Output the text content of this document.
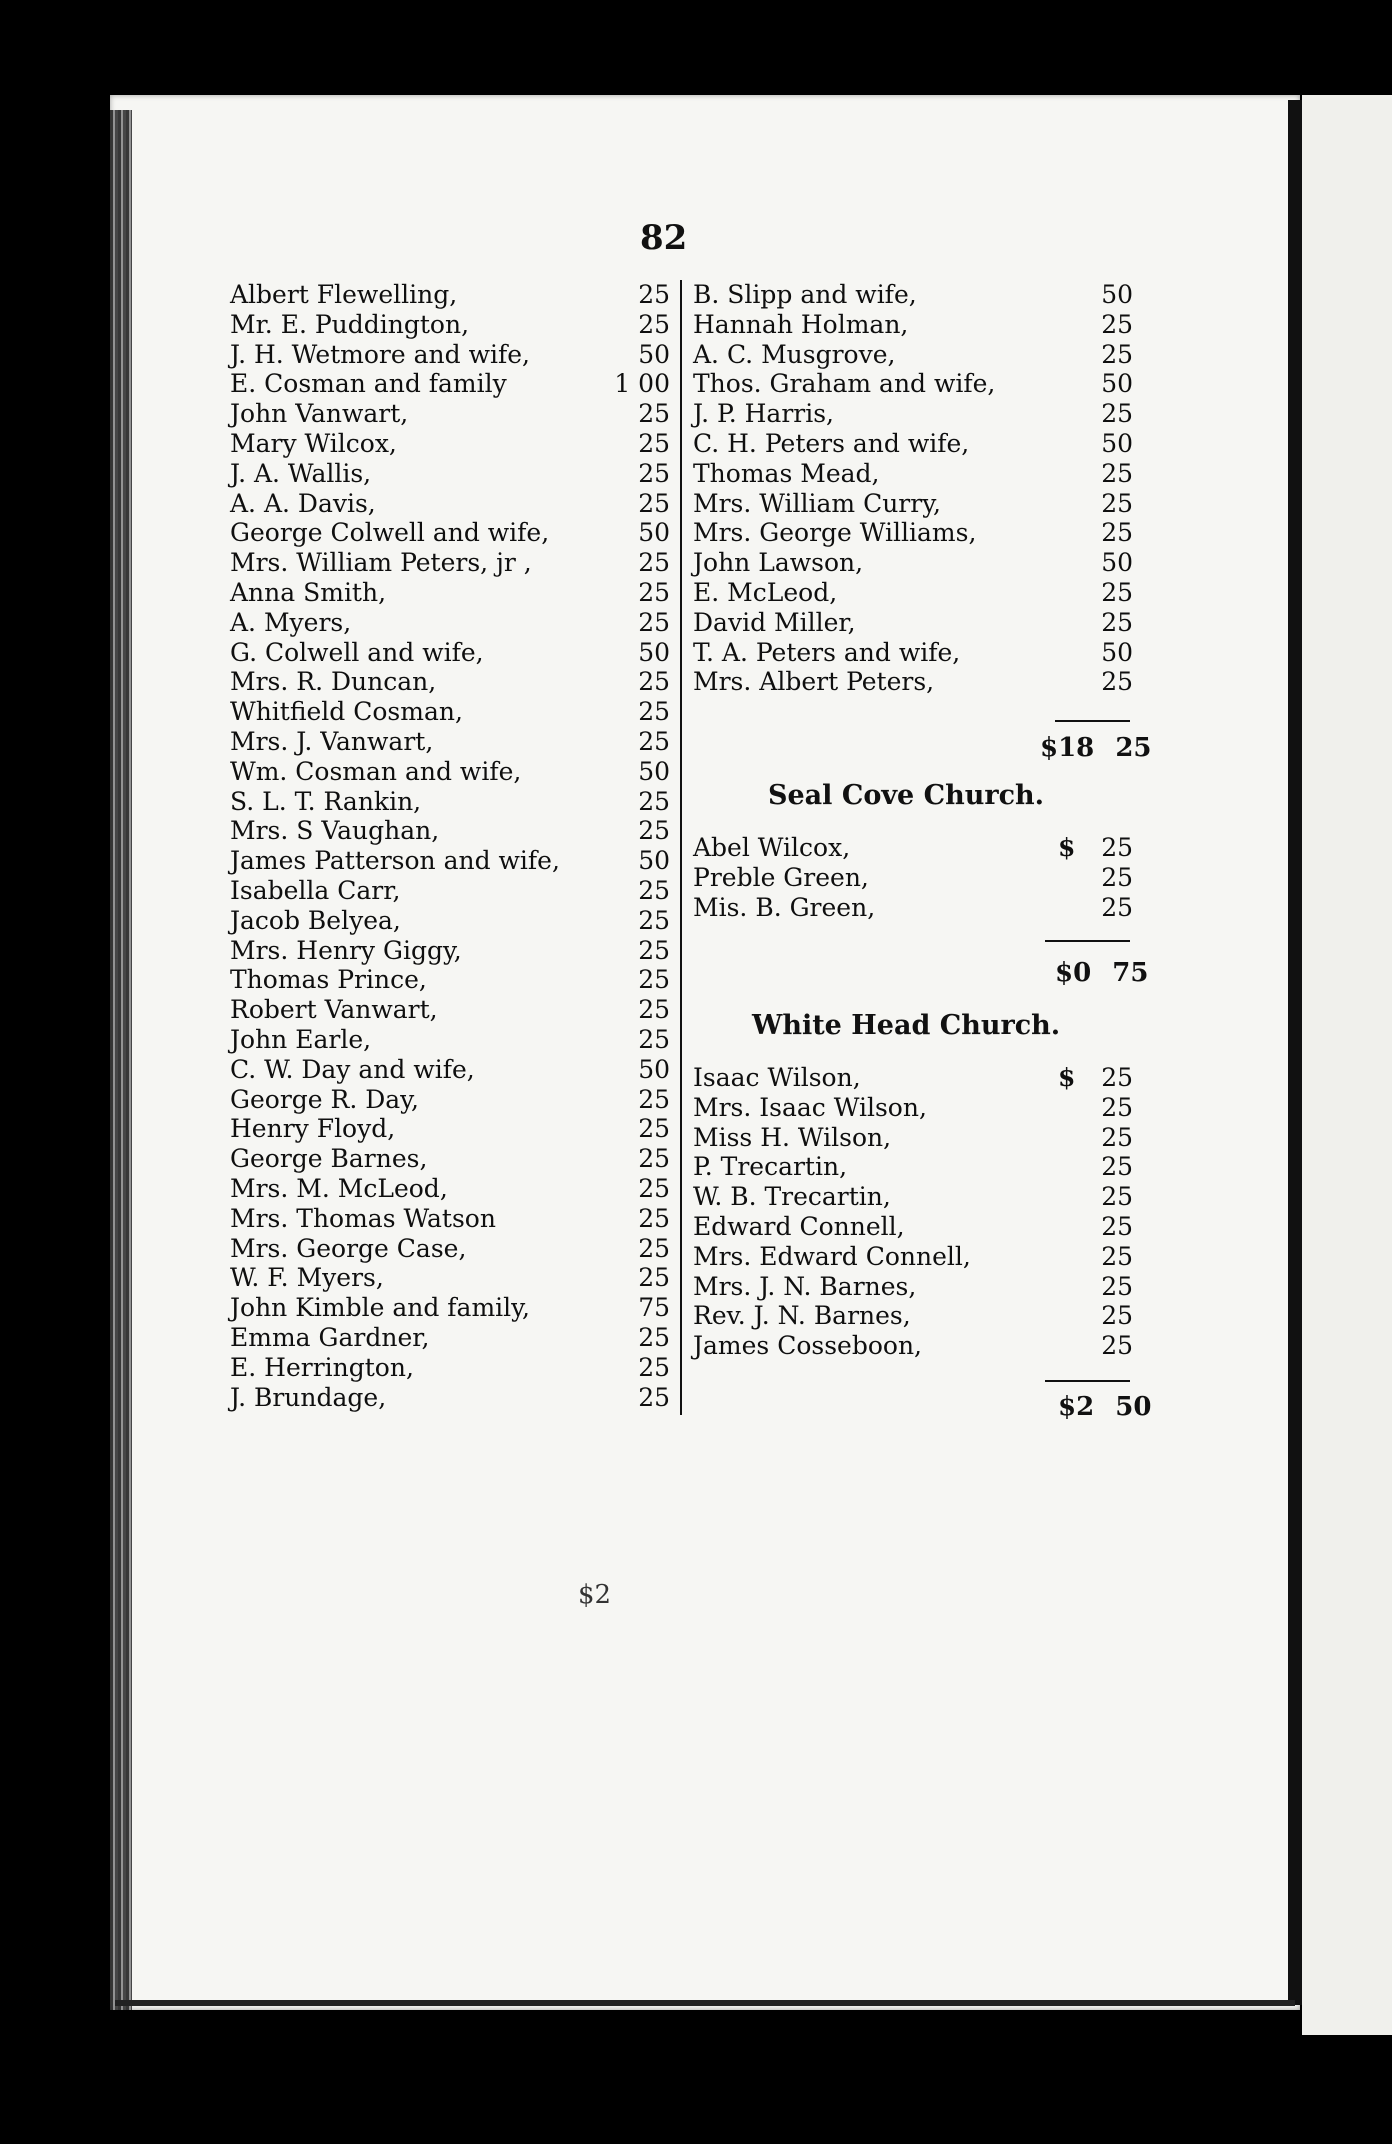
82
Albert Flewelling,	25
Mr. E. Puddington,	25
J. H. Wetmore and wife,	50
E. Cosman and family	1 00
John Vanwart,	25
Mary Wilcox,	25
J. A. Wallis,	25
A. A. Davis,	25
George Colwell and wife,	50
Mrs. William Peters, jr ,	25
Anna Smith,	25
A. Myers,	25
G. Colwell and wife,	50
Mrs. R. Duncan,	25
Whitfield Cosman,	25
Mrs. J. Vanwart,	25
Wm. Cosman and wife,	50
S. L. T. Rankin,	25
Mrs. S Vaughan,	25
James Patterson and wife,	50
Isabella Carr,	25
Jacob Belyea,	25
Mrs. Henry Giggy,	25
Thomas Prince,	25
Robert Vanwart,	25
John Earle,	25
C. W. Day and wife,	50
George R. Day,	25
Henry Floyd,	25
George Barnes,	25
Mrs. M. McLeod,	25
Mrs. Thomas Watson	25
Mrs. George Case,	25
W. F. Myers,	25
John Kimble and family,	75
Emma Gardner,	25
E. Herrington,	25
J. Brundage,	25
B. Slipp and wife,	50
Hannah Holman,	25
A. C. Musgrove,	25
Thos. Graham and wife,	50
J. P. Harris,	25
C. H. Peters and wife,	50
Thomas Mead,	25
Mrs. William Curry,	25
Mrs. George Williams,	25
John Lawson,	50
E. McLeod,	25
David Miller,	25
T. A. Peters and wife,	50
Mrs. Albert Peters,	25
$18 25
Seal Cove Church.
Abel Wilcox,	$ 25
Preble Green,	25
Mis. B. Green,	25
$0 75
White Head Church.
Isaac Wilson,	$ 25
Mrs. Isaac Wilson,	25
Miss H. Wilson,	25
P. Trecartin,	25
W. B. Trecartin,	25
Edward Connell,	25
Mrs. Edward Connell,	25
Mrs. J. N. Barnes,	25
Rev. J. N. Barnes,	25
James Cosseboon,	25
$2 50
$2
